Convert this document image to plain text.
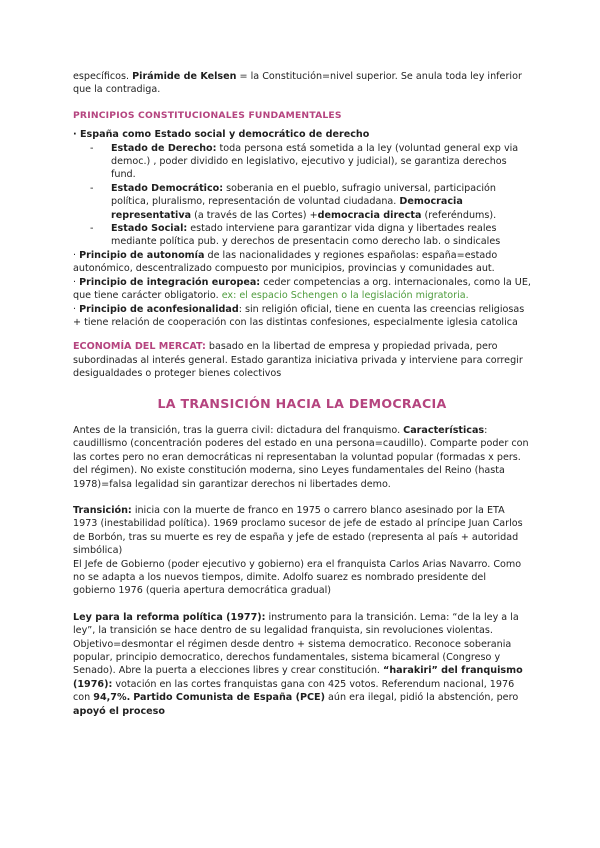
específicos. Pirámide de Kelsen = la Constitución=nivel superior. Se anula toda ley inferior que la contradiga.

PRINCIPIOS CONSTITUCIONALES FUNDAMENTALES

· España como Estado social y democrático de derecho

- Estado de Derecho: toda persona está sometida a la ley (voluntad general exp via democ.) , poder dividido en legislativo, ejecutivo y judicial), se garantiza derechos fund.

- Estado Democrático: soberania en el pueblo, sufragio universal, participación política, pluralismo, representación de voluntad ciudadana. Democracia representativa (a través de las Cortes) +democracia directa (referéndums).

- Estado Social: estado interviene para garantizar vida digna y libertades reales mediante política pub. y derechos de presentacin como derecho lab. o sindicales

· Principio de autonomía de las nacionalidades y regiones españolas: españa=estado autonómico, descentralizado compuesto por municipios, provincias y comunidades aut.

· Principio de integración europea: ceder competencias a org. internacionales, como la UE, que tiene carácter obligatorio. ex: el espacio Schengen o la legislación migratoria.

· Principio de aconfesionalidad: sin religión oficial, tiene en cuenta las creencias religiosas + tiene relación de cooperación con las distintas confesiones, especialmente iglesia catolica

ECONOMÍA DEL MERCAT: basado en la libertad de empresa y propiedad privada, pero subordinadas al interés general. Estado garantiza iniciativa privada y interviene para corregir desigualdades o proteger bienes colectivos

LA TRANSICIÓN HACIA LA DEMOCRACIA

Antes de la transición, tras la guerra civil: dictadura del franquismo. Características: caudillismo (concentración poderes del estado en una persona=caudillo). Comparte poder con las cortes pero no eran democráticas ni representaban la voluntad popular (formadas x pers. del régimen). No existe constitución moderna, sino Leyes fundamentales del Reino (hasta 1978)=falsa legalidad sin garantizar derechos ni libertades demo.

Transición: inicia con la muerte de franco en 1975 o carrero blanco asesinado por la ETA 1973 (inestabilidad política). 1969 proclamo sucesor de jefe de estado al príncipe Juan Carlos de Borbón, tras su muerte es rey de españa y jefe de estado (representa al país + autoridad simbólica)

El Jefe de Gobierno (poder ejecutivo y gobierno) era el franquista Carlos Arias Navarro. Como no se adapta a los nuevos tiempos, dimite. Adolfo suarez es nombrado presidente del gobierno 1976 (queria apertura democrática gradual)

Ley para la reforma política (1977): instrumento para la transición. Lema: “de la ley a la ley”, la transición se hace dentro de su legalidad franquista, sin revoluciones violentas. Objetivo=desmontar el régimen desde dentro + sistema democratico. Reconoce soberania popular, principio democratico, derechos fundamentales, sistema bicameral (Congreso y Senado). Abre la puerta a elecciones libres y crear constitución. “harakiri” del franquismo (1976): votación en las cortes franquistas gana con 425 votos. Referendum nacional, 1976 con 94,7%. Partido Comunista de España (PCE) aún era ilegal, pidió la abstención, pero apoyó el proceso
